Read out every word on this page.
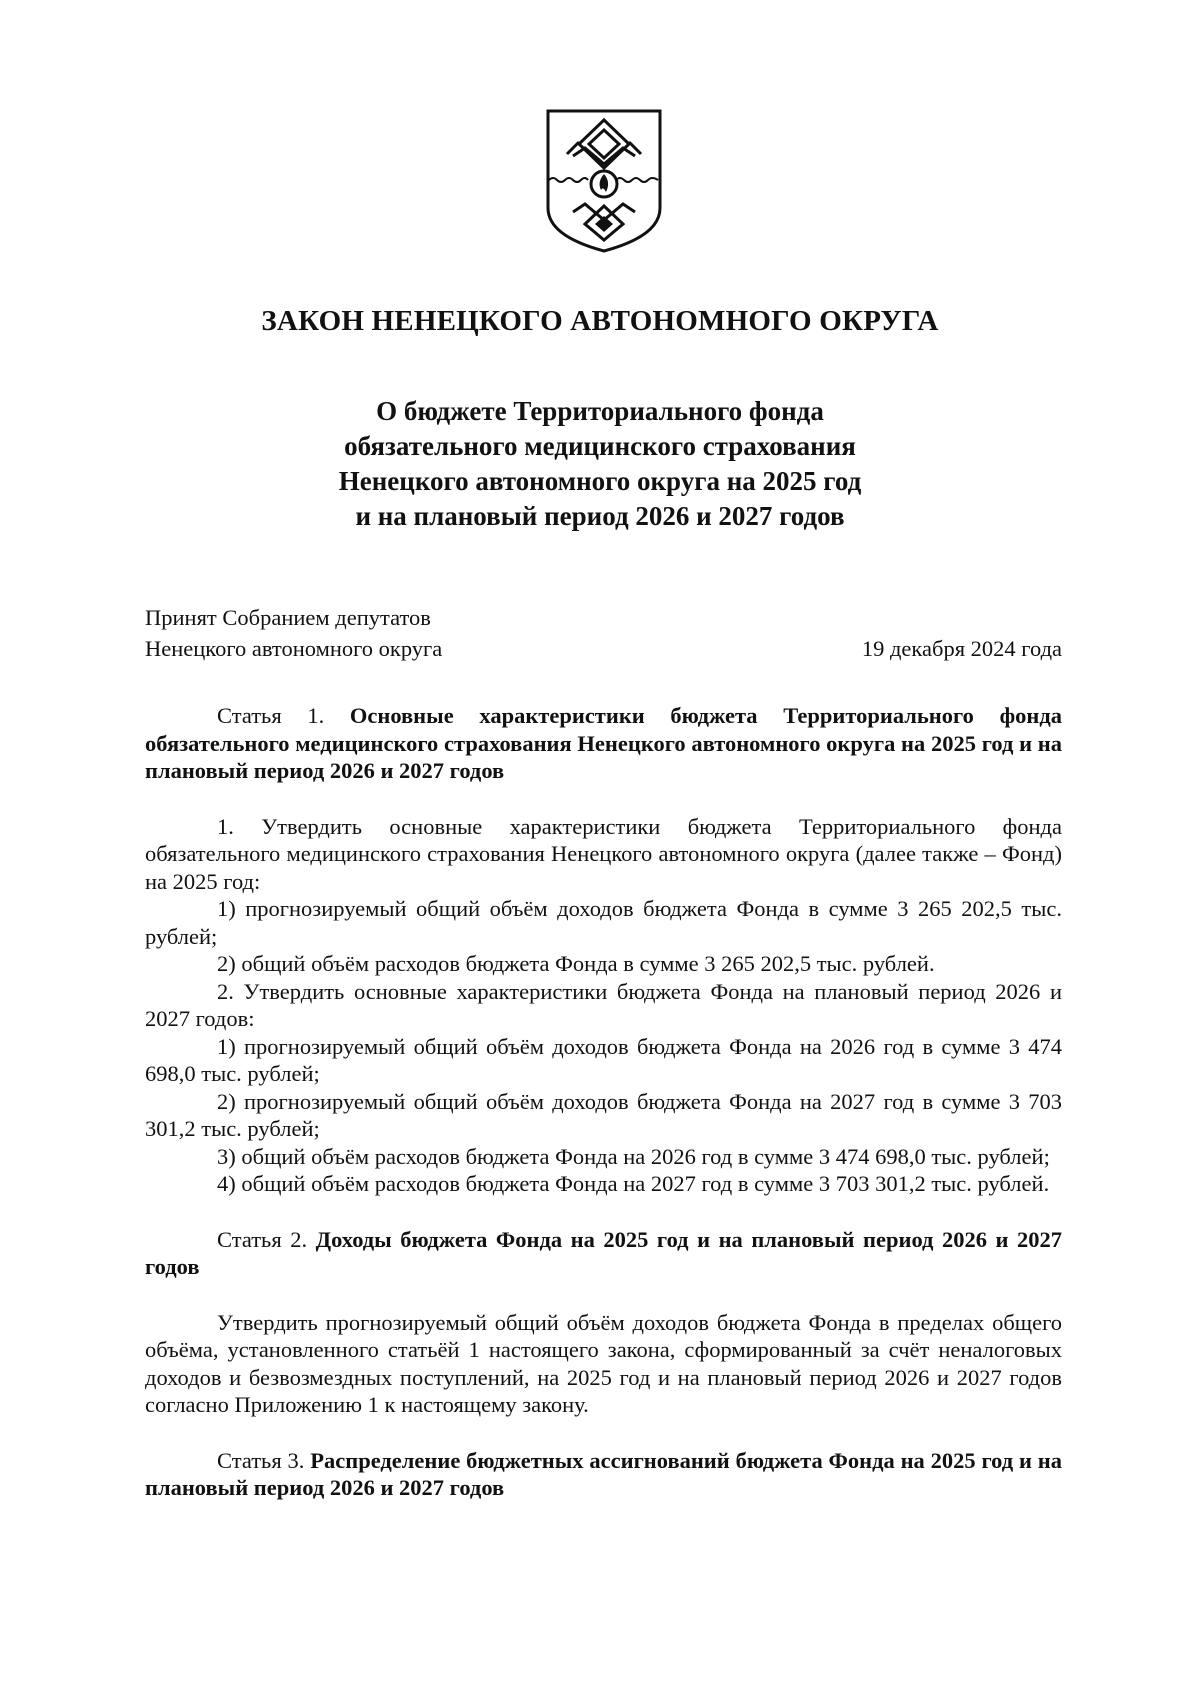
ЗАКОН НЕНЕЦКОГО АВТОНОМНОГО ОКРУГА
О бюджете Территориального фонда
обязательного медицинского страхования
Ненецкого автономного округа на 2025 год
и на плановый период 2026 и 2027 годов
Принят Собранием депутатов
Ненецкого автономного округа	19 декабря 2024 года

Статья 1. Основные характеристики бюджета Территориального фонда обязательного медицинского страхования Ненецкого автономного округа на 2025 год и на плановый период 2026 и 2027 годов

1. Утвердить основные характеристики бюджета Территориального фонда обязательного медицинского страхования Ненецкого автономного округа (далее также – Фонд) на 2025 год:

1) прогнозируемый общий объём доходов бюджета Фонда в сумме 3 265 202,5 тыс. рублей;

2) общий объём расходов бюджета Фонда в сумме 3 265 202,5 тыс. рублей.

2. Утвердить основные характеристики бюджета Фонда на плановый период 2026 и 2027 годов:

1) прогнозируемый общий объём доходов бюджета Фонда на 2026 год в сумме 3 474 698,0 тыс. рублей;

2) прогнозируемый общий объём доходов бюджета Фонда на 2027 год в сумме 3 703 301,2 тыс. рублей;

3) общий объём расходов бюджета Фонда на 2026 год в сумме 3 474 698,0 тыс. рублей;

4) общий объём расходов бюджета Фонда на 2027 год в сумме 3 703 301,2 тыс. рублей.

Статья 2. Доходы бюджета Фонда на 2025 год и на плановый период 2026 и 2027 годов

Утвердить прогнозируемый общий объём доходов бюджета Фонда в пределах общего объёма, установленного статьёй 1 настоящего закона, сформированный за счёт неналоговых доходов и безвозмездных поступлений, на 2025 год и на плановый период 2026 и 2027 годов согласно Приложению 1 к настоящему закону.

Статья 3. Распределение бюджетных ассигнований бюджета Фонда на 2025 год и на плановый период 2026 и 2027 годов
